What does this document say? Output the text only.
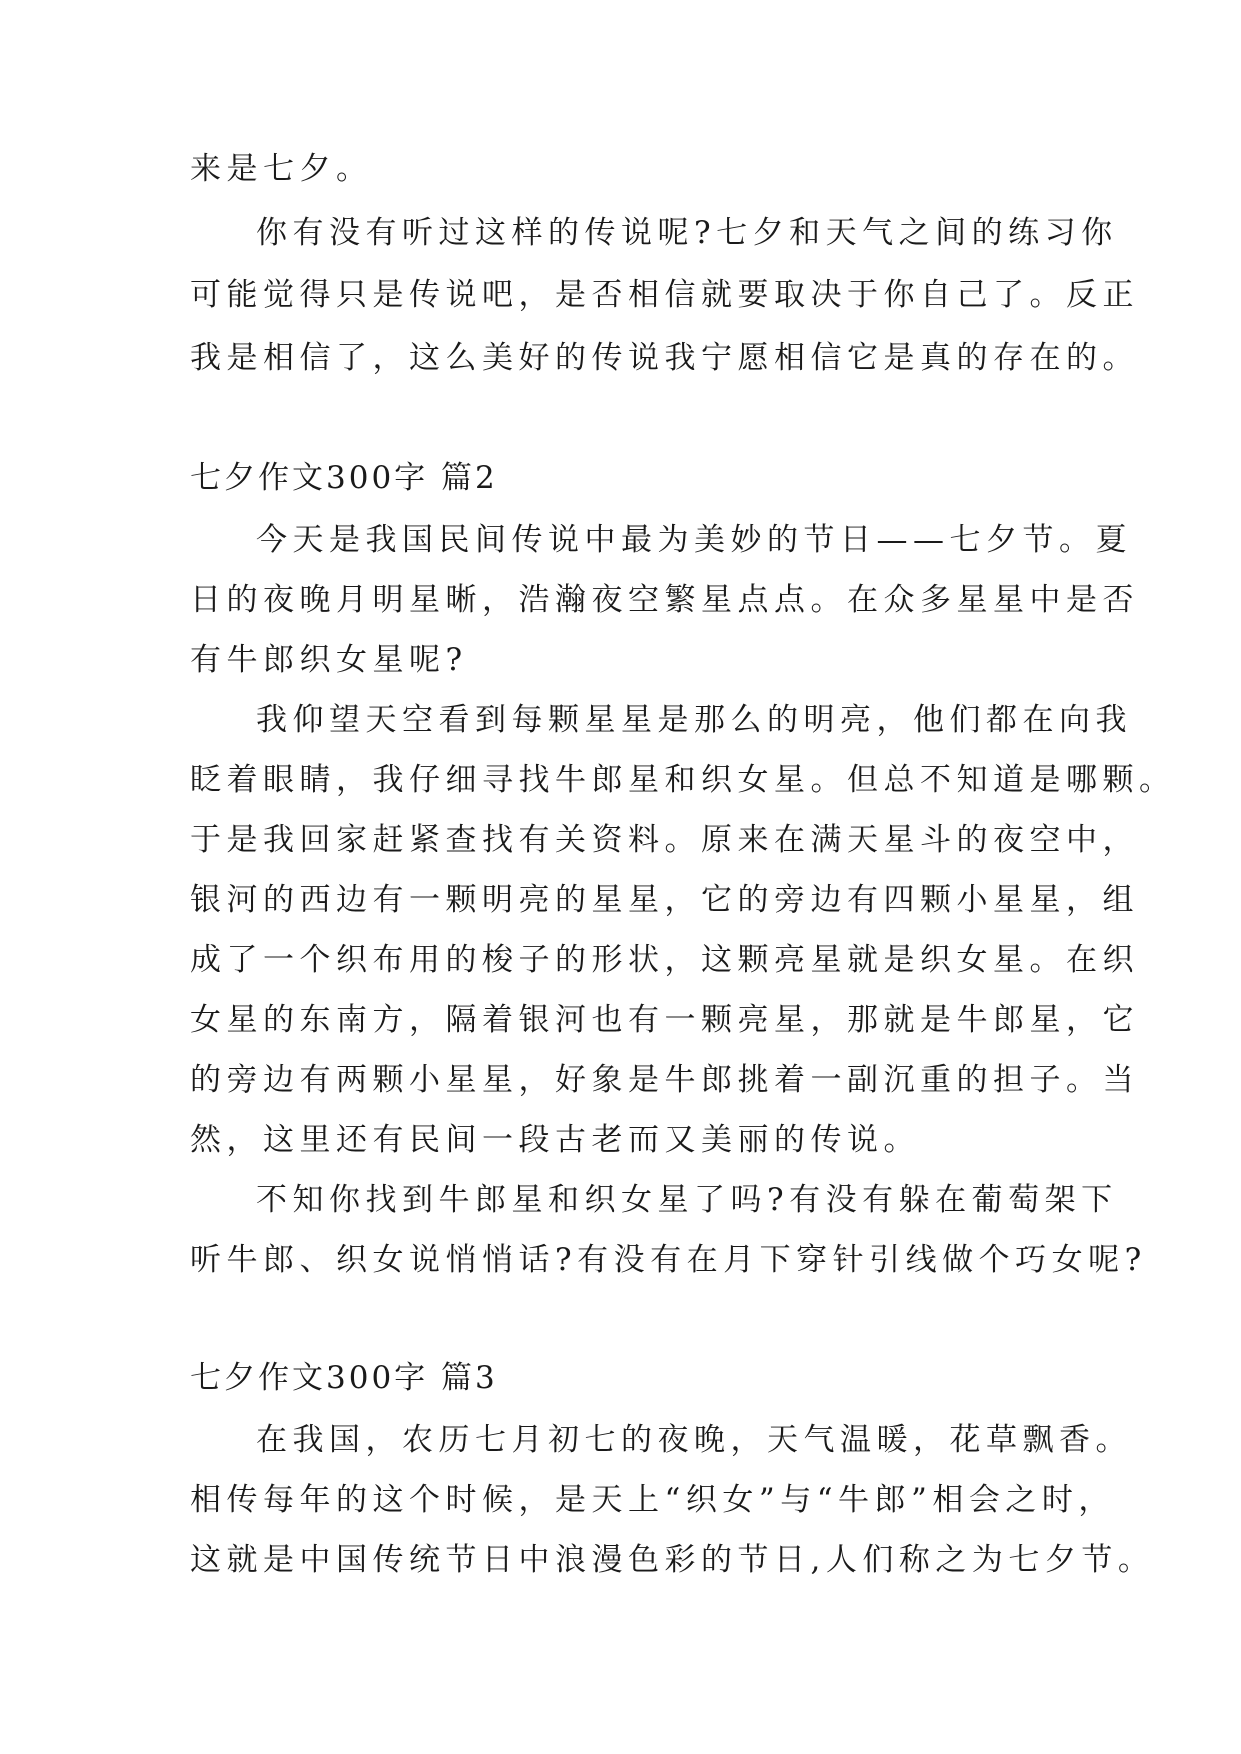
来是七夕。
你有没有听过这样的传说呢?七夕和天气之间的练习你
可能觉得只是传说吧，是否相信就要取决于你自己了。反正
我是相信了，这么美好的传说我宁愿相信它是真的存在的。
七夕作文300字 篇2
今天是我国民间传说中最为美妙的节日——七夕节。夏
日的夜晚月明星晰，浩瀚夜空繁星点点。在众多星星中是否
有牛郎织女星呢?
我仰望天空看到每颗星星是那么的明亮，他们都在向我
眨着眼睛，我仔细寻找牛郎星和织女星。但总不知道是哪颗。
于是我回家赶紧查找有关资料。原来在满天星斗的夜空中，
银河的西边有一颗明亮的星星，它的旁边有四颗小星星，组
成了一个织布用的梭子的形状，这颗亮星就是织女星。在织
女星的东南方，隔着银河也有一颗亮星，那就是牛郎星，它
的旁边有两颗小星星，好象是牛郎挑着一副沉重的担子。当
然，这里还有民间一段古老而又美丽的传说。
不知你找到牛郎星和织女星了吗?有没有躲在葡萄架下
听牛郎、织女说悄悄话?有没有在月下穿针引线做个巧女呢?
七夕作文300字 篇3
在我国，农历七月初七的夜晚，天气温暖，花草飘香。
相传每年的这个时候，是天上“织女”与“牛郎”相会之时，
这就是中国传统节日中浪漫色彩的节日,人们称之为七夕节。
